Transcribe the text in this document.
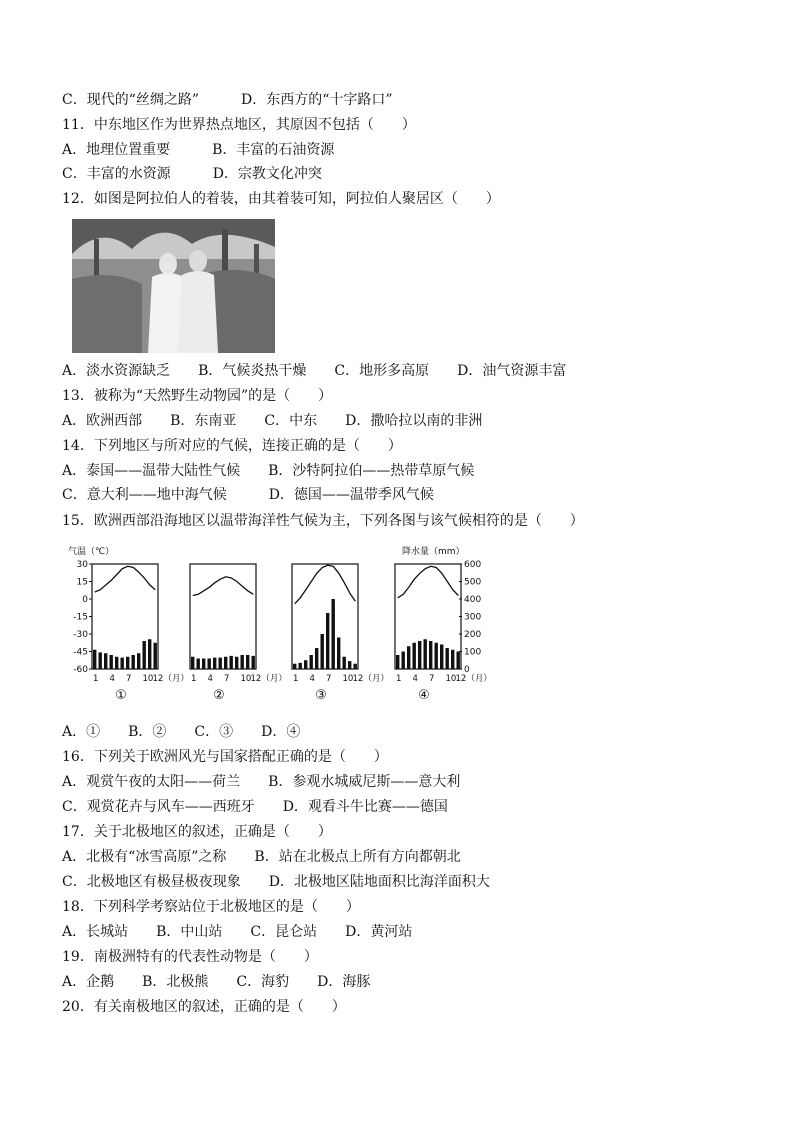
C．现代的“丝绸之路”　　　D．东西方的“十字路口”
11．中东地区作为世界热点地区，其原因不包括（　　）
A．地理位置重要　　　B．丰富的石油资源
C．丰富的水资源　　　D．宗教文化冲突
12．如图是阿拉伯人的着装，由其着装可知，阿拉伯人聚居区（　　）
A．淡水资源缺乏　　B．气候炎热干燥　　C．地形多高原　　D．油气资源丰富
13．被称为“天然野生动物园”的是（　　）
A．欧洲西部　　B．东南亚　　C．中东　　D．撒哈拉以南的非洲
14．下列地区与所对应的气候，连接正确的是（　　）
A．泰国——温带大陆性气候　　B．沙特阿拉伯——热带草原气候
C．意大利——地中海气候　　　D．德国——温带季风气候
15．欧洲西部沿海地区以温带海洋性气候为主，下列各图与该气候相符的是（　　）
A．①　　B．②　　C．③　　D．④
16．下列关于欧洲风光与国家搭配正确的是（　　）
A．观赏午夜的太阳——荷兰　　B．参观水城威尼斯——意大利
C．观赏花卉与风车——西班牙　　D．观看斗牛比赛——德国
17．关于北极地区的叙述，正确是（　　）
A．北极有“冰雪高原”之称　　B．站在北极点上所有方向都朝北
C．北极地区有极昼极夜现象　　D．北极地区陆地面积比海洋面积大
18．下列科学考察站位于北极地区的是（　　）
A．长城站　　B．中山站　　C．昆仑站　　D．黄河站
19．南极洲特有的代表性动物是（　　）
A．企鹅　　B．北极熊　　C．海豹　　D．海豚
20．有关南极地区的叙述，正确的是（　　）
气温（℃）	降水量（mm）
30
15
0
-15
-30
-45
-60
600
500
400
300
200
100
0
1 4 7 10 12（月）
①
1 4 7 10 12（月）
②
1 4 7 10 12（月）
③
1 4 7 10 12（月）
④
